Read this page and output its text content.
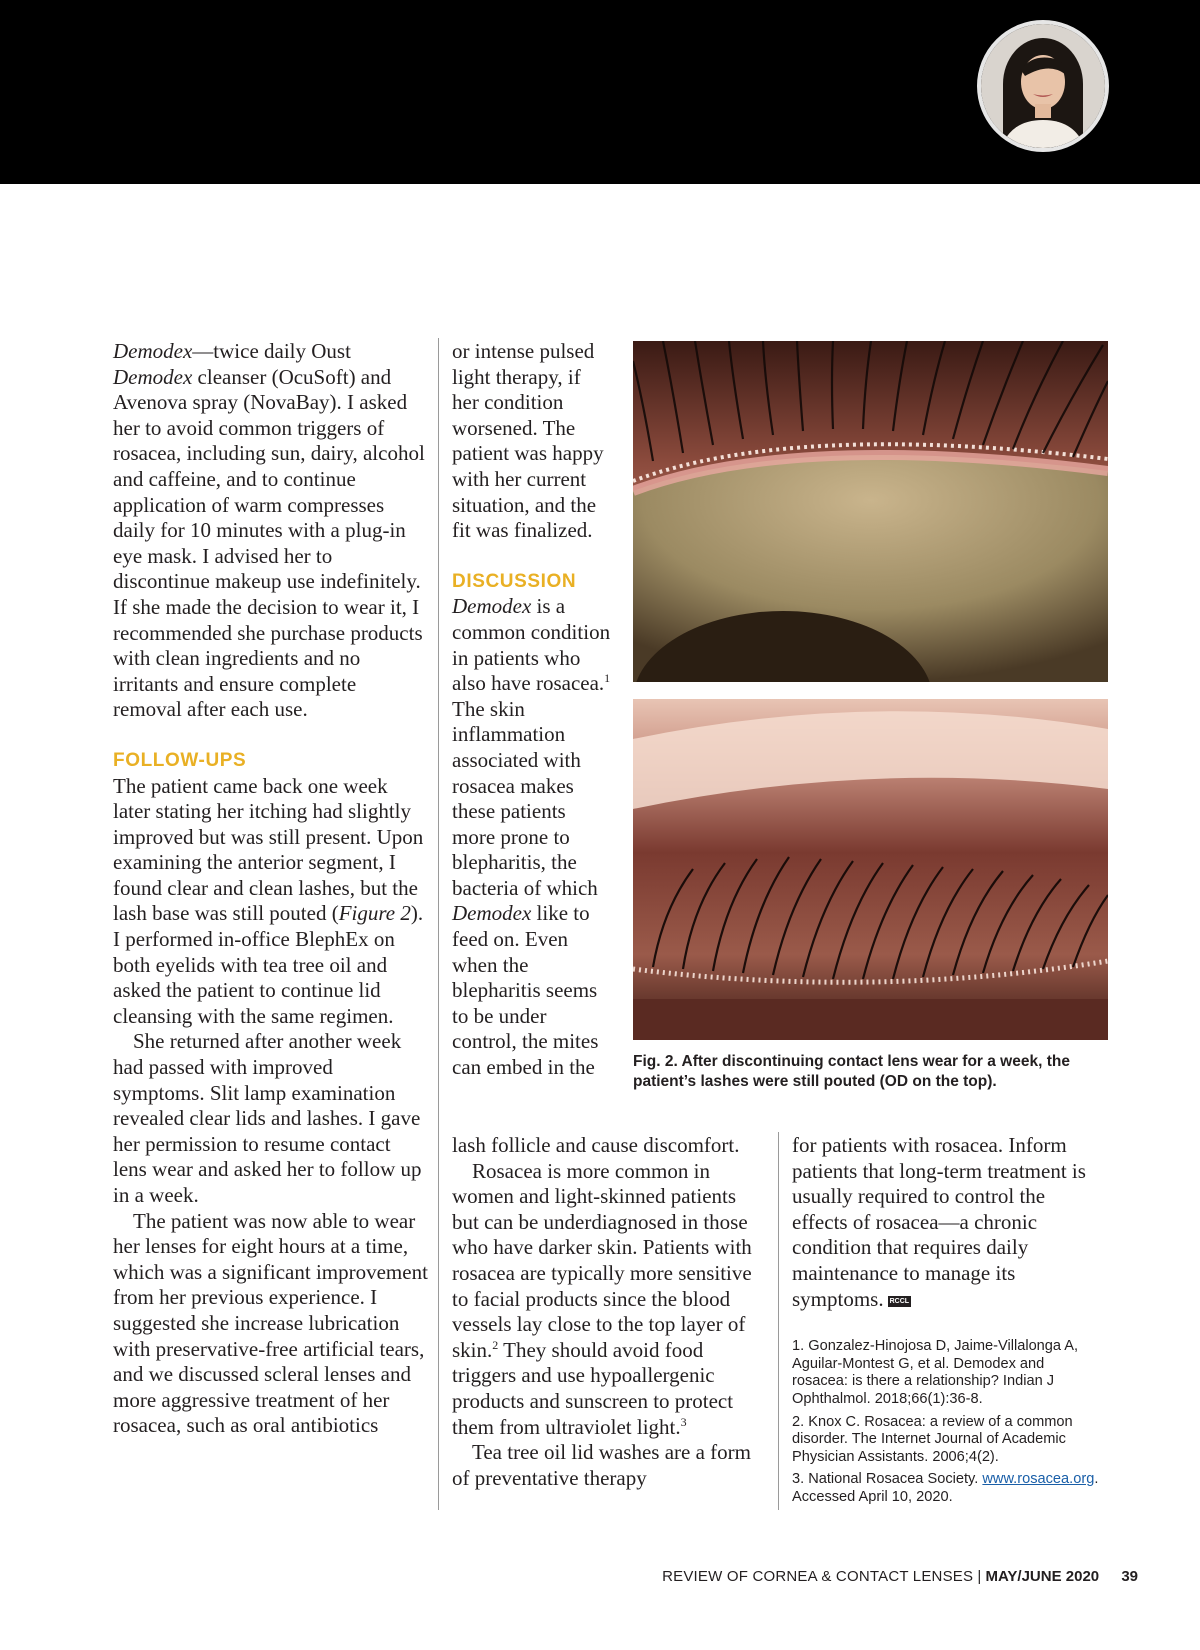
Demodex—twice daily Oust Demodex cleanser (OcuSoft) and Avenova spray (NovaBay). I asked her to avoid common triggers of rosacea, including sun, dairy, alcohol and caffeine, and to continue application of warm compresses daily for 10 minutes with a plug-in eye mask. I advised her to discontinue makeup use indefinitely. If she made the decision to wear it, I recommended she purchase products with clean ingredients and no irritants and ensure complete removal after each use.

FOLLOW-UPS

The patient came back one week later stating her itching had slightly improved but was still present. Upon examining the anterior segment, I found clear and clean lashes, but the lash base was still pouted (Figure 2). I performed in-office BlephEx on both eyelids with tea tree oil and asked the patient to continue lid cleansing with the same regimen.

She returned after another week had passed with improved symptoms. Slit lamp examination revealed clear lids and lashes. I gave her permission to resume contact lens wear and asked her to follow up in a week.

The patient was now able to wear her lenses for eight hours at a time, which was a significant improvement from her previous experience. I suggested she increase lubrication with preservative-free artificial tears, and we discussed scleral lenses and more aggressive treatment of her rosacea, such as oral antibiotics

or intense pulsed light therapy, if her condition worsened. The patient was happy with her current situation, and the fit was finalized.

DISCUSSION

Demodex is a common condition in patients who also have rosacea.$^1$ The skin inflammation associated with rosacea makes these patients more prone to blepharitis, the bacteria of which Demodex like to feed on. Even when the blepharitis seems to be under control, the mites can embed in the

lash follicle and cause discomfort.

Rosacea is more common in women and light-skinned patients but can be underdiagnosed in those who have darker skin. Patients with rosacea are typically more sensitive to facial products since the blood vessels lay close to the top layer of skin.$^2$ They should avoid food triggers and use hypoallergenic products and sunscreen to protect them from ultraviolet light.$^3$

Tea tree oil lid washes are a form of preventative therapy

Fig. 2. After discontinuing contact lens wear for a week, the patient’s lashes were still pouted (OD on the top).

for patients with rosacea. Inform patients that long-term treatment is usually required to control the effects of rosacea—a chronic condition that requires daily maintenance to manage its symptoms. RCCL

1. Gonzalez-Hinojosa D, Jaime-Villalonga A, Aguilar-Montest G, et al. Demodex and rosacea: is there a relationship? Indian J Ophthalmol. 2018;66(1):36-8.

2. Knox C. Rosacea: a review of a common disorder. The Internet Journal of Academic Physician Assistants. 2006;4(2).

3. National Rosacea Society. www.rosacea.org. Accessed April 10, 2020.

REVIEW OF CORNEA & CONTACT LENSES | MAY/JUNE 2020 39
